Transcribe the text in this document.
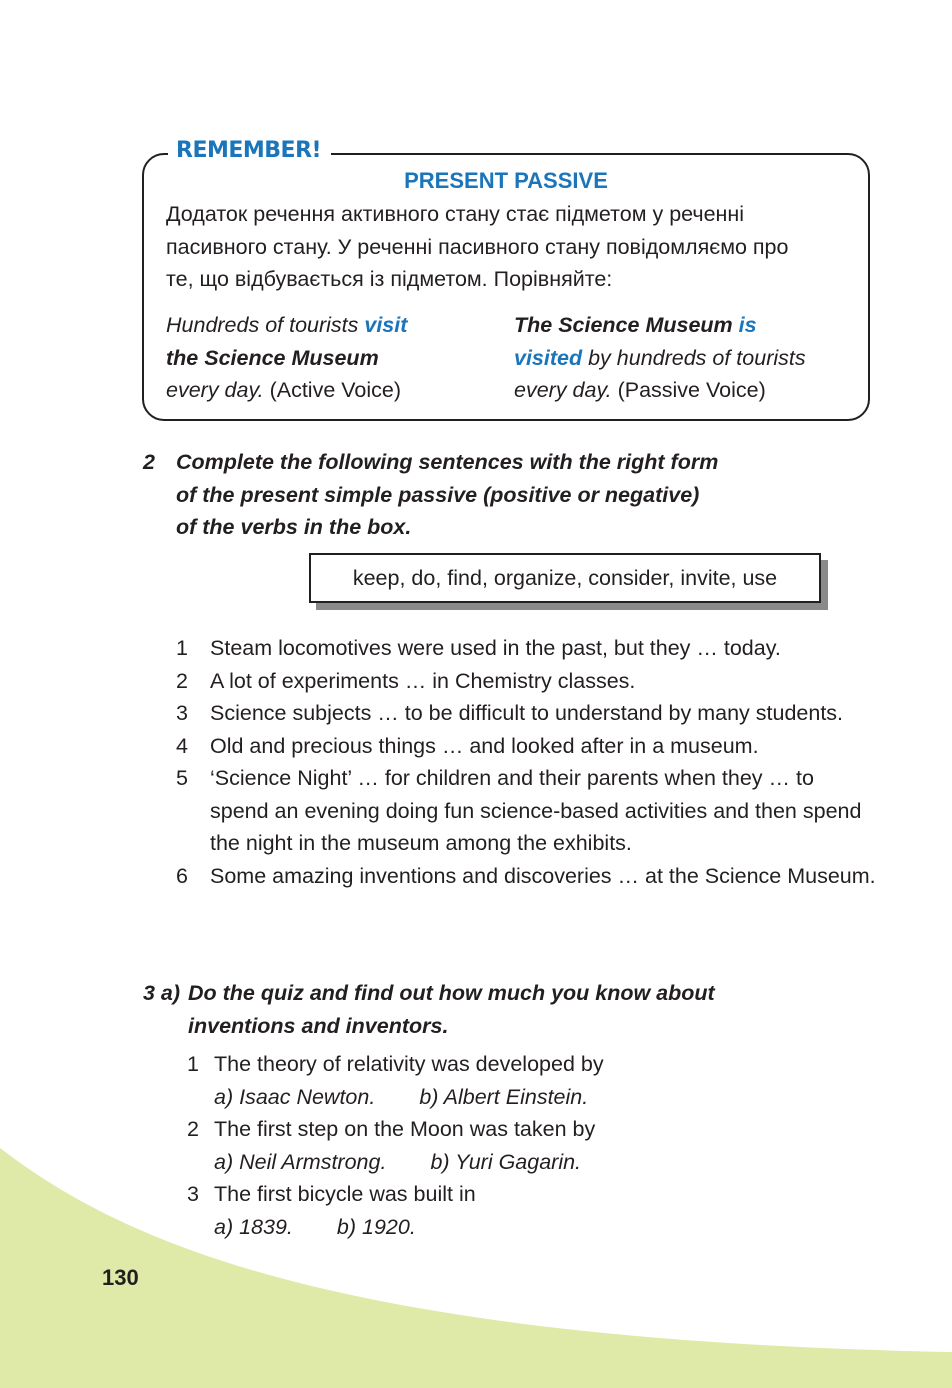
REMEMBER!
PRESENT PASSIVE
Додаток речення активного стану стає підметом у реченні
пасивного стану. У реченні пасивного стану повідомляємо про
те, що відбувається із підметом. Порівняйте:
Hundreds of tourists visit
the Science Museum
every day. (Active Voice)
The Science Museum is
visited by hundreds of tourists
every day. (Passive Voice)
2 Complete the following sentences with the right form
of the present simple passive (positive or negative)
of the verbs in the box.
keep, do, find, organize, consider, invite, use
1 Steam locomotives were used in the past, but they … today.
2 A lot of experiments … in Chemistry classes.
3 Science subjects … to be difficult to understand by many students.
4 Old and precious things … and looked after in a museum.
5 ‘Science Night’ … for children and their parents when they … to spend an evening doing fun science-based activities and then spend the night in the museum among the exhibits.
6 Some amazing inventions and discoveries … at the Science Museum.
3 a) Do the quiz and find out how much you know about
inventions and inventors.
1 The theory of relativity was developed by
a) Isaac Newton. b) Albert Einstein.
2 The first step on the Moon was taken by
a) Neil Armstrong. b) Yuri Gagarin.
3 The first bicycle was built in
a) 1839. b) 1920.
130
